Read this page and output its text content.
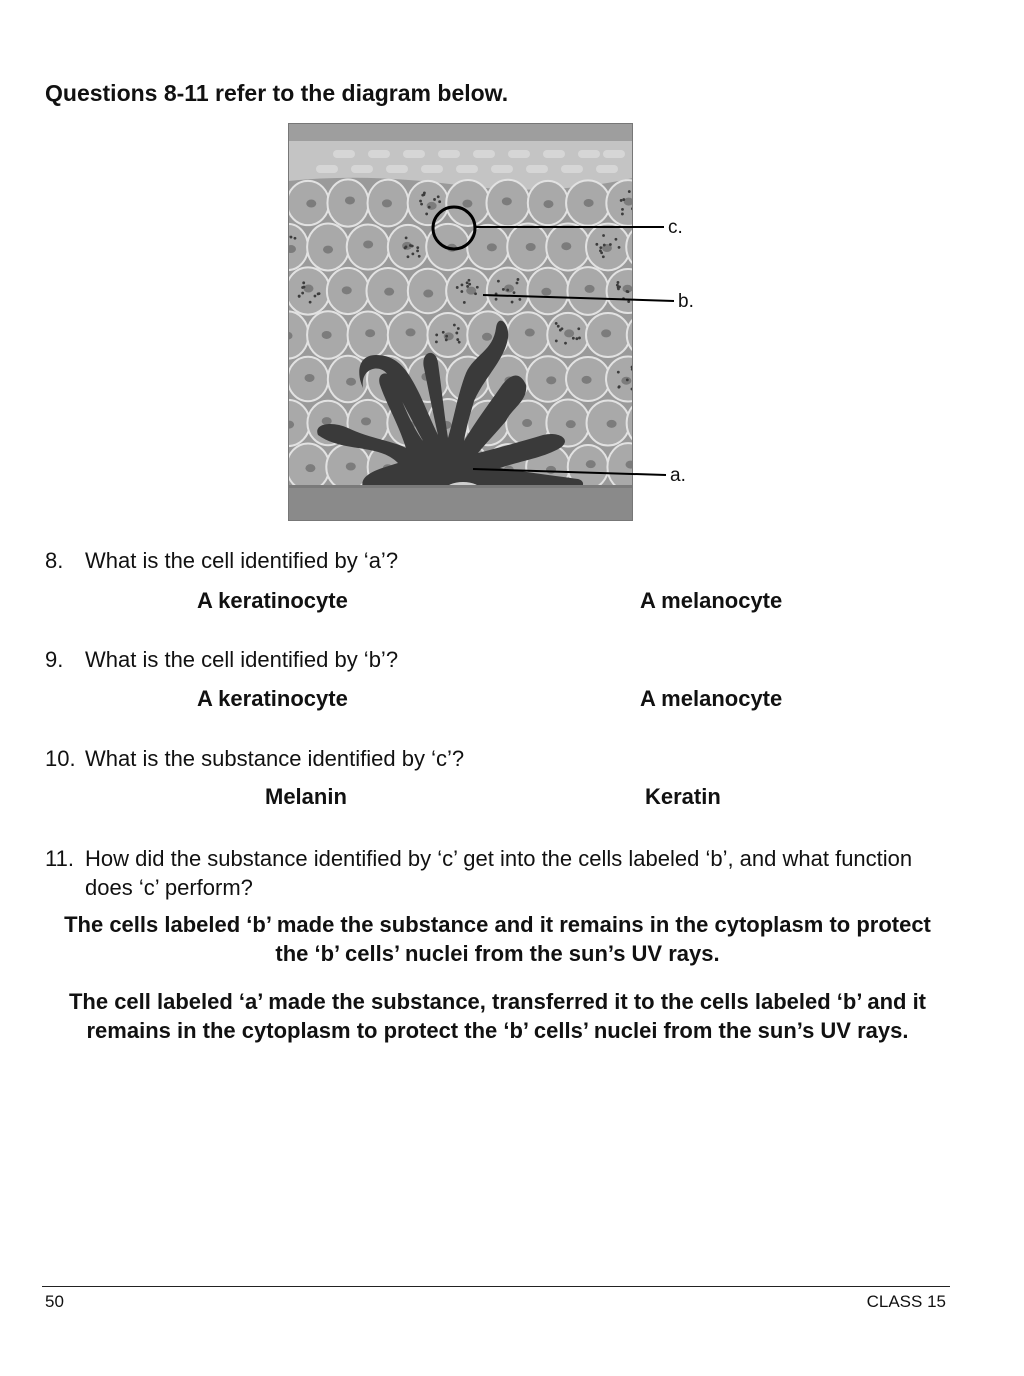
Questions 8-11 refer to the diagram below.
c.
b.
a.
8. What is the cell identified by ‘a’?
A keratinocyte	A melanocyte
9. What is the cell identified by ‘b’?
A keratinocyte	A melanocyte
10. What is the substance identified by ‘c’?
Melanin	Keratin
11. How did the substance identified by ‘c’ get into the cells labeled ‘b’, and what function does ‘c’ perform?
The cells labeled ‘b’ made the substance and it remains in the cytoplasm to protect the ‘b’ cells’ nuclei from the sun’s UV rays.
The cell labeled ‘a’ made the substance, transferred it to the cells labeled ‘b’ and it remains in the cytoplasm to protect the ‘b’ cells’ nuclei from the sun’s UV rays.
50	CLASS 15
